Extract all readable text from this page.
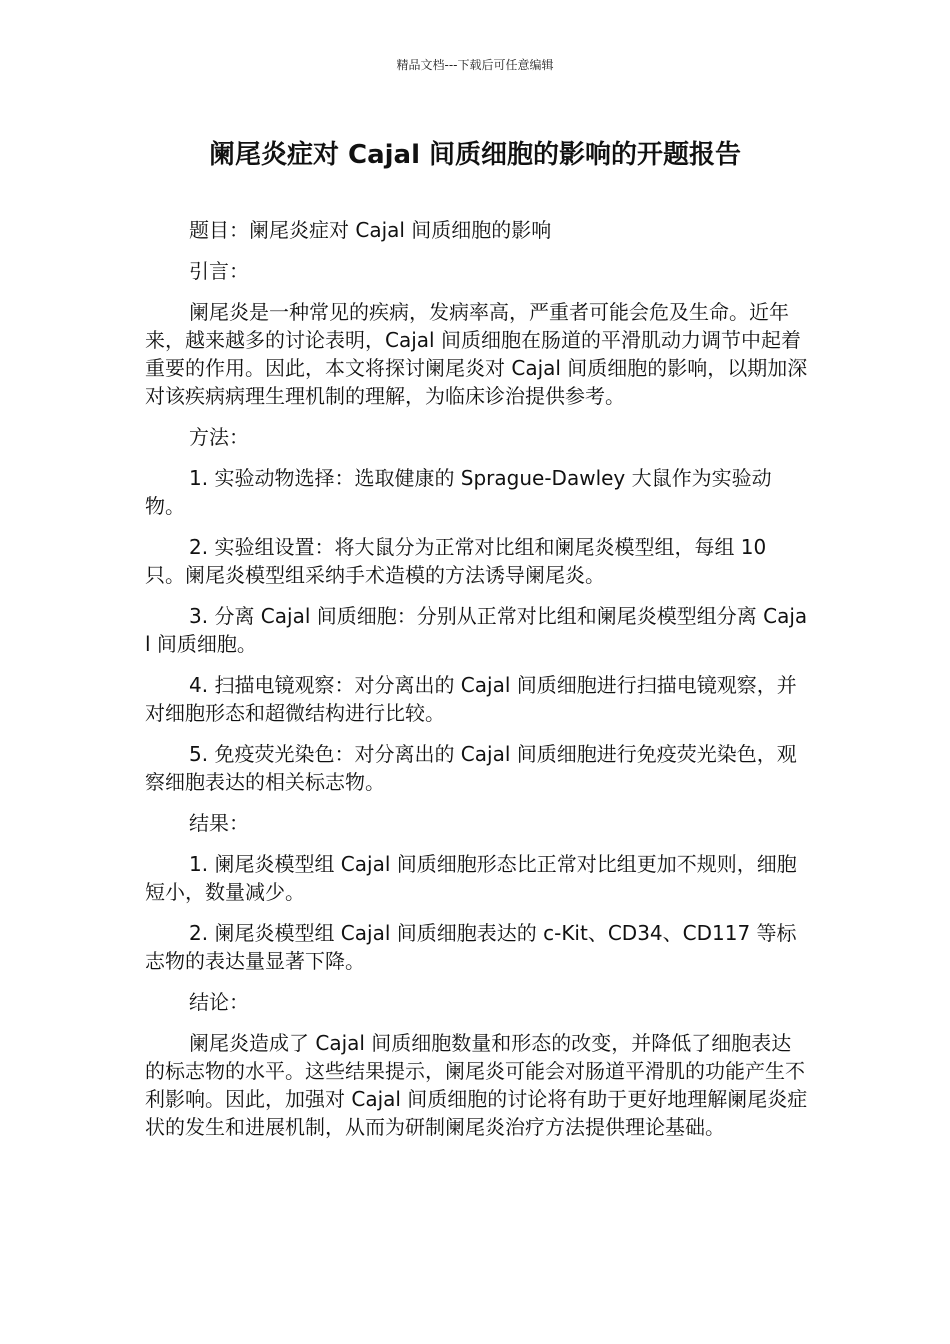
精品文档---下载后可任意编辑
阑尾炎症对 Cajal 间质细胞的影响的开题报告

题目：阑尾炎症对 Cajal 间质细胞的影响

引言：

阑尾炎是一种常见的疾病，发病率高，严重者可能会危及生命。近年来，越来越多的讨论表明，Cajal 间质细胞在肠道的平滑肌动力调节中起着重要的作用。因此，本文将探讨阑尾炎对 Cajal 间质细胞的影响，以期加深对该疾病病理生理机制的理解，为临床诊治提供参考。

方法：

1. 实验动物选择：选取健康的 Sprague-Dawley 大鼠作为实验动物。

2. 实验组设置：将大鼠分为正常对比组和阑尾炎模型组，每组 10 只。阑尾炎模型组采纳手术造模的方法诱导阑尾炎。

3. 分离 Cajal 间质细胞：分别从正常对比组和阑尾炎模型组分离 Cajal 间质细胞。

4. 扫描电镜观察：对分离出的 Cajal 间质细胞进行扫描电镜观察，并对细胞形态和超微结构进行比较。

5. 免疫荧光染色：对分离出的 Cajal 间质细胞进行免疫荧光染色，观察细胞表达的相关标志物。

结果：

1. 阑尾炎模型组 Cajal 间质细胞形态比正常对比组更加不规则，细胞短小，数量减少。

2. 阑尾炎模型组 Cajal 间质细胞表达的 c-Kit、CD34、CD117 等标志物的表达量显著下降。

结论：

阑尾炎造成了 Cajal 间质细胞数量和形态的改变，并降低了细胞表达的标志物的水平。这些结果提示，阑尾炎可能会对肠道平滑肌的功能产生不利影响。因此，加强对 Cajal 间质细胞的讨论将有助于更好地理解阑尾炎症状的发生和进展机制，从而为研制阑尾炎治疗方法提供理论基础。
